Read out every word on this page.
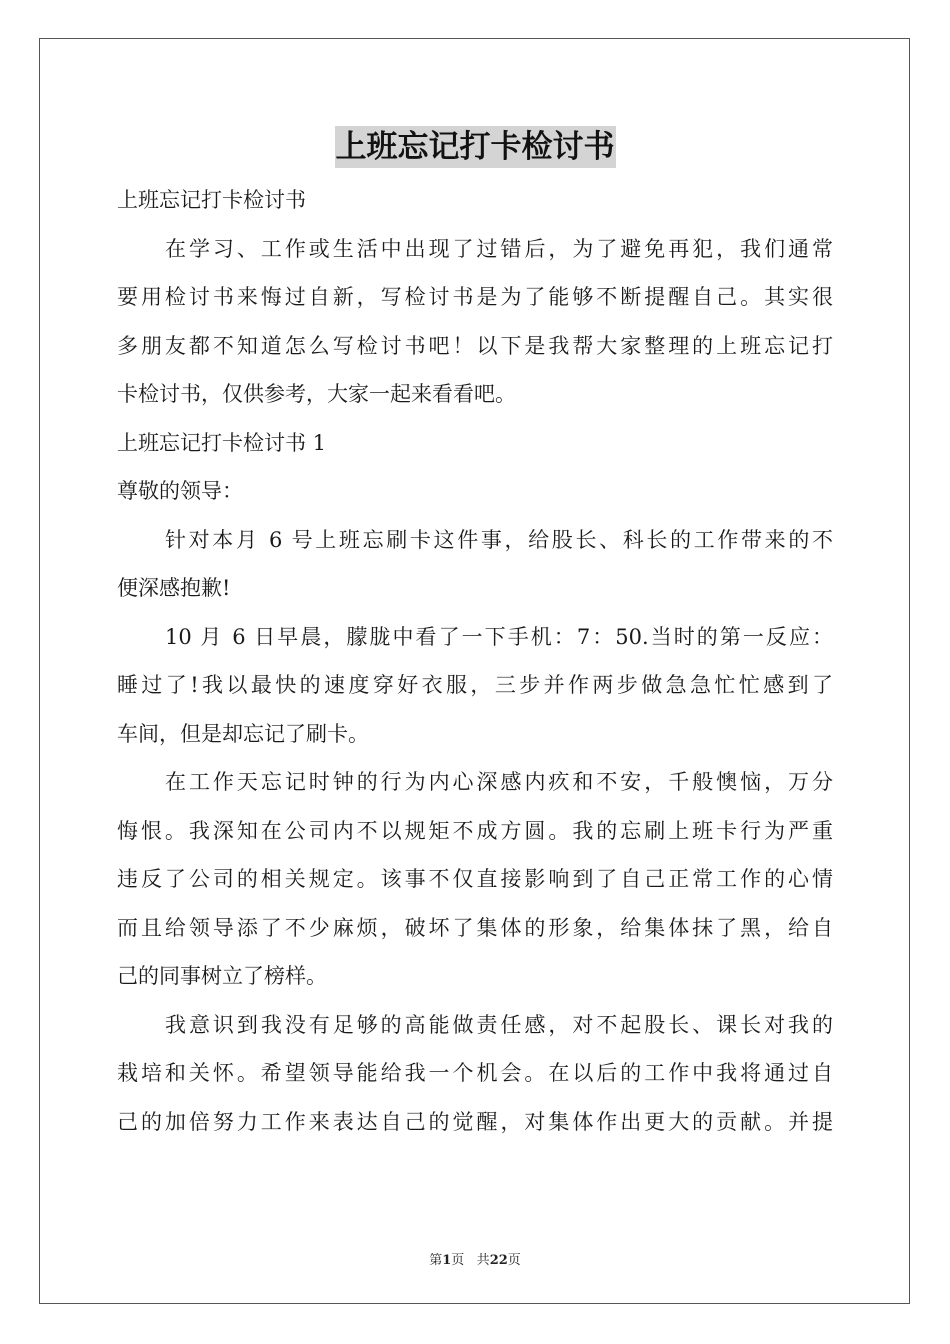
上班忘记打卡检讨书
上班忘记打卡检讨书
在学习、工作或生活中出现了过错后，为了避免再犯，我们通常
要用检讨书来悔过自新，写检讨书是为了能够不断提醒自己。其实很
多朋友都不知道怎么写检讨书吧！以下是我帮大家整理的上班忘记打
卡检讨书，仅供参考，大家一起来看看吧。
上班忘记打卡检讨书 1
尊敬的领导：
针对本月 6 号上班忘刷卡这件事，给股长、科长的工作带来的不
便深感抱歉!
10 月 6 日早晨，朦胧中看了一下手机：7：50.当时的第一反应：
睡过了!我以最快的速度穿好衣服，三步并作两步做急急忙忙感到了
车间，但是却忘记了刷卡。
在工作天忘记时钟的行为内心深感内疚和不安，千般懊恼，万分
悔恨。我深知在公司内不以规矩不成方圆。我的忘刷上班卡行为严重
违反了公司的相关规定。该事不仅直接影响到了自己正常工作的心情
而且给领导添了不少麻烦，破坏了集体的形象，给集体抹了黑，给自
己的同事树立了榜样。
我意识到我没有足够的高能做责任感，对不起股长、课长对我的
栽培和关怀。希望领导能给我一个机会。在以后的工作中我将通过自
己的加倍努力工作来表达自己的觉醒，对集体作出更大的贡献。并提
第1页 共22页
